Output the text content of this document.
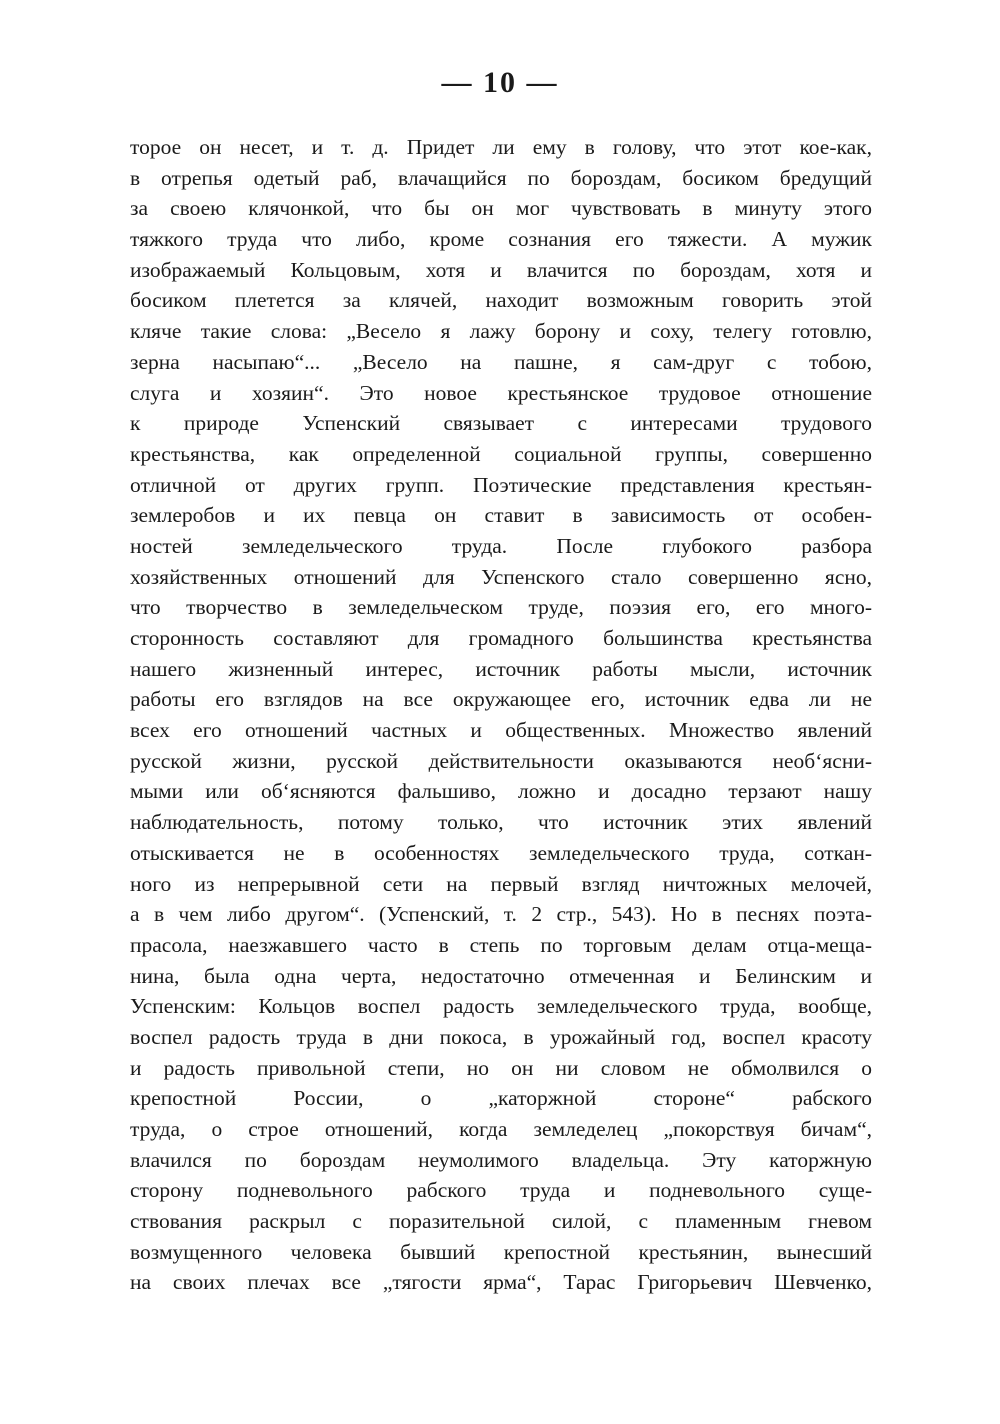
— 10 —
торое он несет, и т. д. Придет ли ему в голову, что этот кое-как,
в отрепья одетый раб, влачащийся по бороздам, босиком бредущий
за своею клячонкой, что бы он мог чувствовать в минуту этого
тяжкого труда что либо, кроме сознания его тяжести. А мужик
изображаемый Кольцовым, хотя и влачится по бороздам, хотя и
босиком плетется за клячей, находит возможным говорить этой
кляче такие слова: „Весело я лажу борону и соху, телегу готовлю,
зерна насыпаю“... „Весело на пашне, я сам-друг с тобою,
слуга и хозяин“. Это новое крестьянское трудовое отношение
к природе Успенский связывает с интересами трудового
крестьянства, как определенной социальной группы, совершенно
отличной от других групп. Поэтические представления крестьян-
землеробов и их певца он ставит в зависимость от особен-
ностей земледельческого труда. После глубокого разбора
хозяйственных отношений для Успенского стало совершенно ясно,
что творчество в земледельческом труде, поэзия его, его много-
сторонность составляют для громадного большинства крестьянства
нашего жизненный интерес, источник работы мысли, источник
работы его взглядов на все окружающее его, источник едва ли не
всех его отношений частных и общественных. Множество явлений
русской жизни, русской действительности оказываются необ‘ясни-
мыми или об‘ясняются фальшиво, ложно и досадно терзают нашу
наблюдательность, потому только, что источник этих явлений
отыскивается не в особенностях земледельческого труда, соткан-
ного из непрерывной сети на первый взгляд ничтожных мелочей,
а в чем либо другом“. (Успенский, т. 2 стр., 543). Но в песнях поэта-
прасола, наезжавшего часто в степь по торговым делам отца-меща-
нина, была одна черта, недостаточно отмеченная и Белинским и
Успенским: Кольцов воспел радость земледельческого труда, вообще,
воспел радость труда в дни покоса, в урожайный год, воспел красоту
и радость привольной степи, но он ни словом не обмолвился о
крепостной России, о „каторжной стороне“ рабского
труда, о строе отношений, когда земледелец „покорствуя бичам“,
влачился по бороздам неумолимого владельца. Эту каторжную
сторону подневольного рабского труда и подневольного суще-
ствования раскрыл с поразительной силой, с пламенным гневом
возмущенного человека бывший крепостной крестьянин, вынесший
на своих плечах все „тягости ярма“, Тарас Григорьевич Шевченко,
